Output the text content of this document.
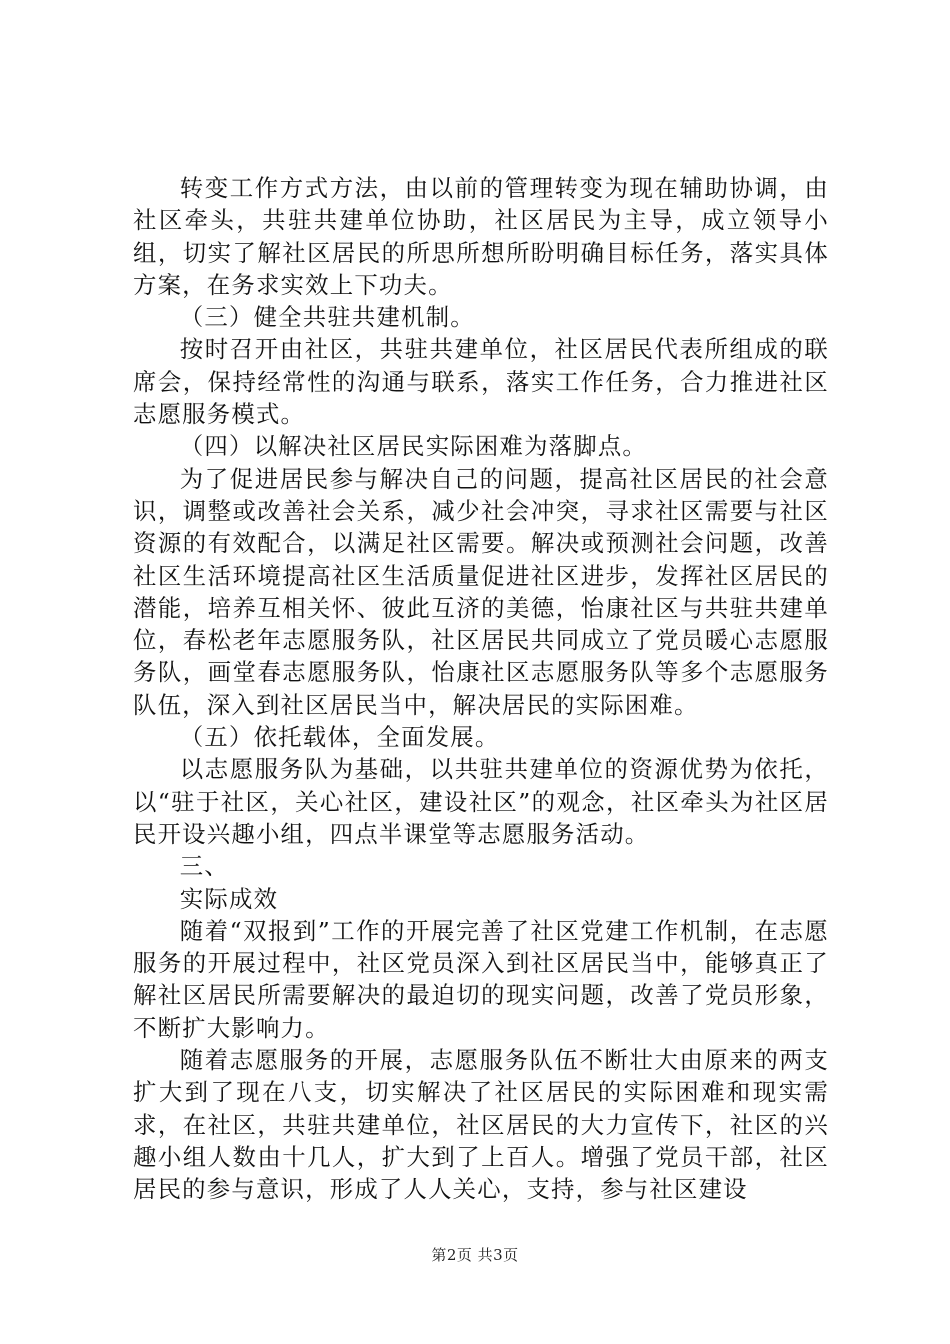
转变工作方式方法，由以前的管理转变为现在辅助协调，由社区牵头，共驻共建单位协助，社区居民为主导，成立领导小组，切实了解社区居民的所思所想所盼明确目标任务，落实具体方案，在务求实效上下功夫。

（三）健全共驻共建机制。

按时召开由社区，共驻共建单位，社区居民代表所组成的联席会，保持经常性的沟通与联系，落实工作任务，合力推进社区志愿服务模式。

（四）以解决社区居民实际困难为落脚点。

为了促进居民参与解决自己的问题，提高社区居民的社会意识，调整或改善社会关系，减少社会冲突，寻求社区需要与社区资源的有效配合，以满足社区需要。解决或预测社会问题，改善社区生活环境提高社区生活质量促进社区进步，发挥社区居民的潜能，培养互相关怀、彼此互济的美德，怡康社区与共驻共建单位，春松老年志愿服务队，社区居民共同成立了党员暖心志愿服务队，画堂春志愿服务队，怡康社区志愿服务队等多个志愿服务队伍，深入到社区居民当中，解决居民的实际困难。

（五）依托载体，全面发展。

以志愿服务队为基础，以共驻共建单位的资源优势为依托，以“驻于社区，关心社区，建设社区”的观念，社区牵头为社区居民开设兴趣小组，四点半课堂等志愿服务活动。

三、

实际成效

随着“双报到”工作的开展完善了社区党建工作机制，在志愿服务的开展过程中，社区党员深入到社区居民当中，能够真正了解社区居民所需要解决的最迫切的现实问题，改善了党员形象，不断扩大影响力。

随着志愿服务的开展，志愿服务队伍不断壮大由原来的两支扩大到了现在八支，切实解决了社区居民的实际困难和现实需求，在社区，共驻共建单位，社区居民的大力宣传下，社区的兴趣小组人数由十几人，扩大到了上百人。增强了党员干部，社区居民的参与意识，形成了人人关心，支持，参与社区建设

第2页 共3页
